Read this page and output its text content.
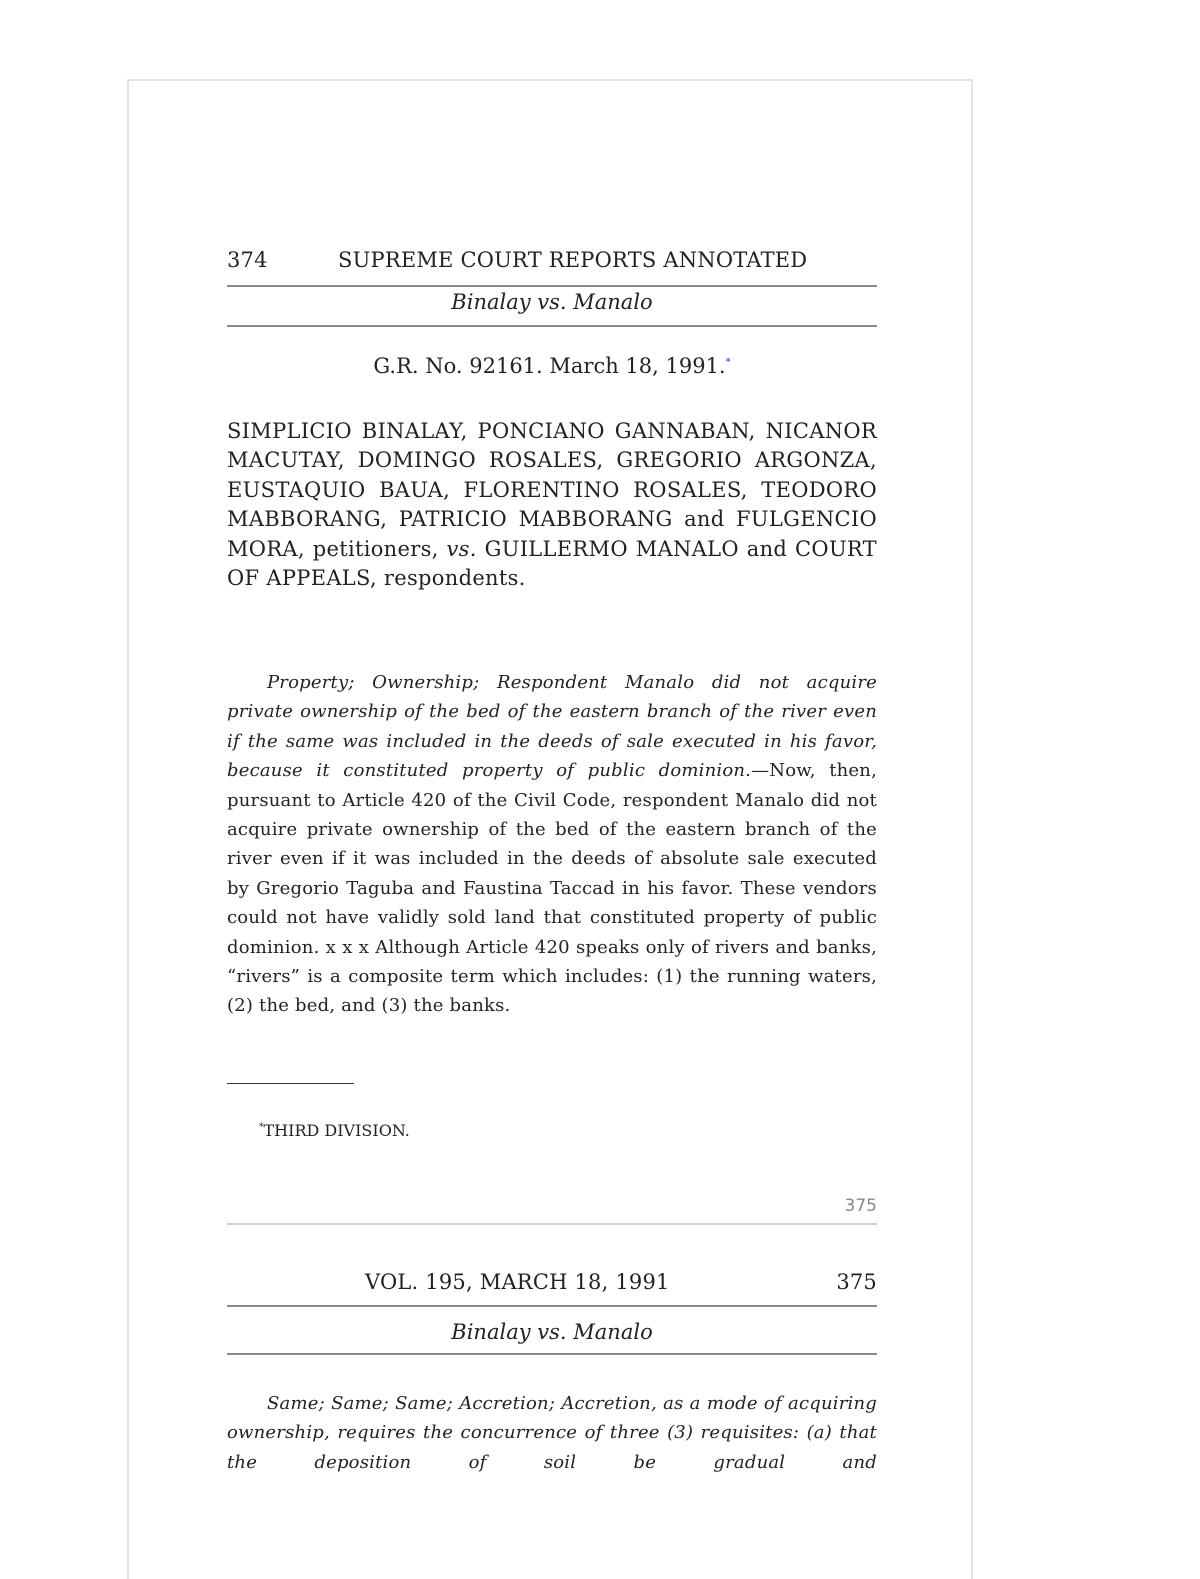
374	SUPREME COURT REPORTS ANNOTATED
Binalay vs. Manalo
G.R. No. 92161. March 18, 1991.*
SIMPLICIO BINALAY, PONCIANO GANNABAN, NICANOR MACUTAY, DOMINGO ROSALES, GREGORIO ARGONZA, EUSTAQUIO BAUA, FLORENTINO ROSALES, TEODORO MABBORANG, PATRICIO MABBORANG and FULGENCIO MORA, petitioners, vs. GUILLERMO MANALO and COURT OF APPEALS, respondents.
Property; Ownership; Respondent Manalo did not acquire private ownership of the bed of the eastern branch of the river even if the same was included in the deeds of sale executed in his favor, because it constituted property of public dominion.—Now, then, pursuant to Article 420 of the Civil Code, respondent Manalo did not acquire private ownership of the bed of the eastern branch of the river even if it was included in the deeds of absolute sale executed by Gregorio Taguba and Faustina Taccad in his favor. These vendors could not have validly sold land that constituted property of public dominion. x x x Although Article 420 speaks only of rivers and banks, “rivers” is a composite term which includes: (1) the running waters, (2) the bed, and (3) the banks.
*THIRD DIVISION.
375
VOL. 195, MARCH 18, 1991	375
Binalay vs. Manalo
Same; Same; Same; Accretion; Accretion, as a mode of acquiring ownership, requires the concurrence of three (3) requisites: (a) that the deposition of soil be gradual and
